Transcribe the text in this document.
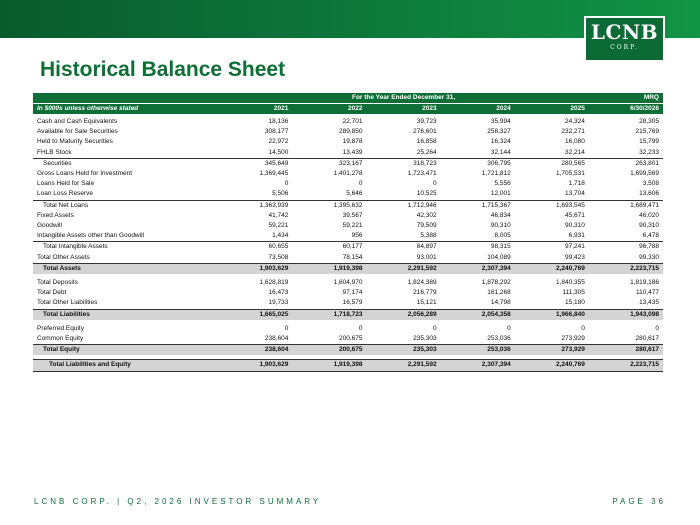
LCNB
CORP.
Historical Balance Sheet
	For the Year Ended December 31,					MRQ
In $000s unless otherwise stated	2021	2022	2023	2024	2025	6/30/2026

Cash and Cash Equivalents	18,136	22,701	39,723	35,994	24,324	28,305
Available for Sale Securities	308,177	289,850	276,601	258,327	232,271	215,769
Held to Maturity Securities	22,972	19,878	16,858	16,324	16,080	15,799
FHLB Stock	14,500	13,439	25,264	32,144	32,214	32,233
Securities	345,649	323,167	318,723	306,795	280,565	263,801
Gross Loans Held for Investment	1,369,445	1,401,278	1,723,471	1,721,812	1,705,531	1,699,569
Loans Held for Sale	0	0	0	5,556	1,718	3,508
Loan Loss Reserve	5,506	5,646	10,525	12,001	13,704	13,606
Total Net Loans	1,363,939	1,395,632	1,712,946	1,715,367	1,693,545	1,689,471
Fixed Assets	41,742	39,567	42,302	46,834	45,671	46,020
Goodwill	59,221	59,221	79,509	90,310	90,310	90,310
Intangible Assets other than Goodwill	1,434	956	5,388	8,005	6,931	6,478
Total Intangible Assets	60,655	60,177	84,897	98,315	97,241	96,788
Total Other Assets	73,508	78,154	93,001	104,089	99,423	99,330
Total Assets	1,903,629	1,919,398	2,291,592	2,307,394	2,240,769	2,223,715

Total Deposits	1,628,819	1,604,970	1,824,389	1,878,292	1,840,355	1,819,186
Total Debt	16,473	97,174	216,779	161,268	111,305	110,477
Total Other Liabilities	19,733	16,579	15,121	14,798	15,180	13,435
Total Liabilities	1,665,025	1,718,723	2,056,289	2,054,358	1,966,840	1,943,098

Preferred Equity	0	0	0	0	0	0
Common Equity	238,604	200,675	235,303	253,036	273,929	280,617
Total Equity	238,604	200,675	235,303	253,036	273,929	280,617

Total Liabilities and Equity	1,903,629	1,919,398	2,291,592	2,307,394	2,240,769	2,223,715
LCNB CORP. | Q2, 2026 INVESTOR SUMMARY	PAGE 36
